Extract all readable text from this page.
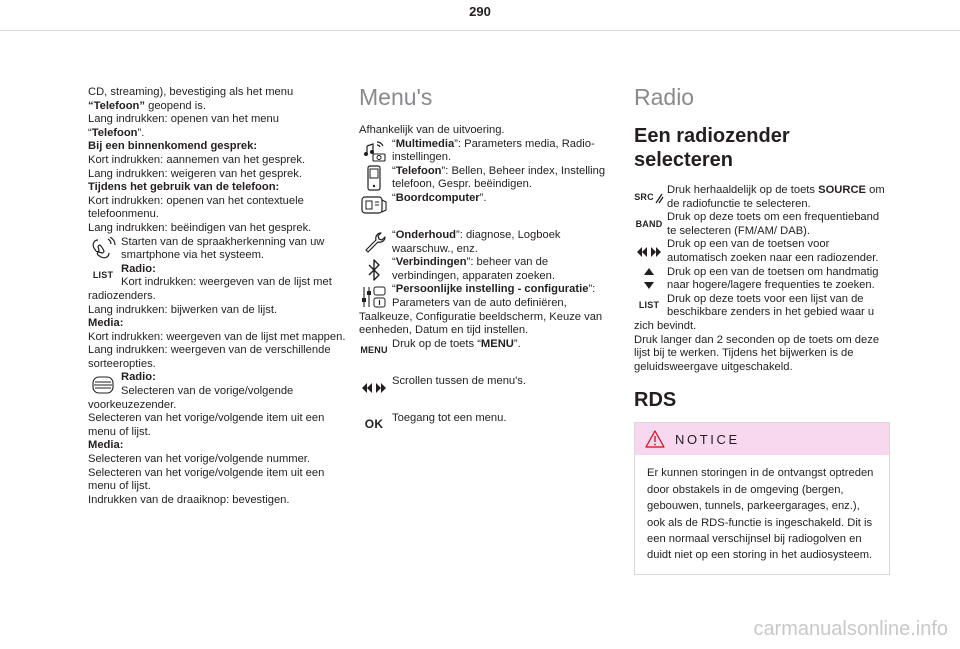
290
CD, streaming), bevestiging als het menu
“Telefoon” geopend is.
Lang indrukken: openen van het menu
“Telefoon”.
Bij een binnenkomend gesprek:
Kort indrukken: aannemen van het gesprek.
Lang indrukken: weigeren van het gesprek.
Tijdens het gebruik van de telefoon:
Kort indrukken: openen van het contextuele telefoonmenu.
Lang indrukken: beëindigen van het gesprek.
Starten van de spraakherkenning van uw smartphone via het systeem.
LIST
Radio:
Kort indrukken: weergeven van de lijst met radiozenders.
Lang indrukken: bijwerken van de lijst.
Media:
Kort indrukken: weergeven van de lijst met mappen.
Lang indrukken: weergeven van de verschillende sorteeropties.
Radio:
Selecteren van de vorige/volgende voorkeuzezender.
Selecteren van het vorige/volgende item uit een menu of lijst.
Media:
Selecteren van het vorige/volgende nummer.
Selecteren van het vorige/volgende item uit een menu of lijst.
Indrukken van de draaiknop: bevestigen.
Menu's
Afhankelijk van de uitvoering.
“Multimedia”: Parameters media, Radio-instellingen.
“Telefoon”: Bellen, Beheer index, Instelling telefoon, Gespr. beëindigen.
“Boordcomputer”.
“Onderhoud”: diagnose, Logboek waarschuw., enz.
“Verbindingen”: beheer van de verbindingen, apparaten zoeken.
“Persoonlijke instelling - configuratie”: Parameters van de auto definiëren, Taalkeuze, Configuratie beeldscherm, Keuze van eenheden, Datum en tijd instellen.
MENU
Druk op de toets “MENU”.
Scrollen tussen de menu's.
OK Toegang tot een menu.
Radio
Een radiozender selecteren
SRC
Druk herhaaldelijk op de toets SOURCE om de radiofunctie te selecteren.
BAND
Druk op deze toets om een frequentieband te selecteren (FM/AM/ DAB).
Druk op een van de toetsen voor automatisch zoeken naar een radiozender.
Druk op een van de toetsen om handmatig naar hogere/lagere frequenties te zoeken.
LIST
Druk op deze toets voor een lijst van de beschikbare zenders in het gebied waar u zich bevindt.
Druk langer dan 2 seconden op de toets om deze lijst bij te werken. Tijdens het bijwerken is de geluidsweergave uitgeschakeld.
RDS
NOTICE
Er kunnen storingen in de ontvangst optreden door obstakels in de omgeving (bergen, gebouwen, tunnels, parkeergarages, enz.), ook als de RDS-functie is ingeschakeld. Dit is een normaal verschijnsel bij radiogolven en duidt niet op een storing in het audiosysteem.
carmanualsonline.info
